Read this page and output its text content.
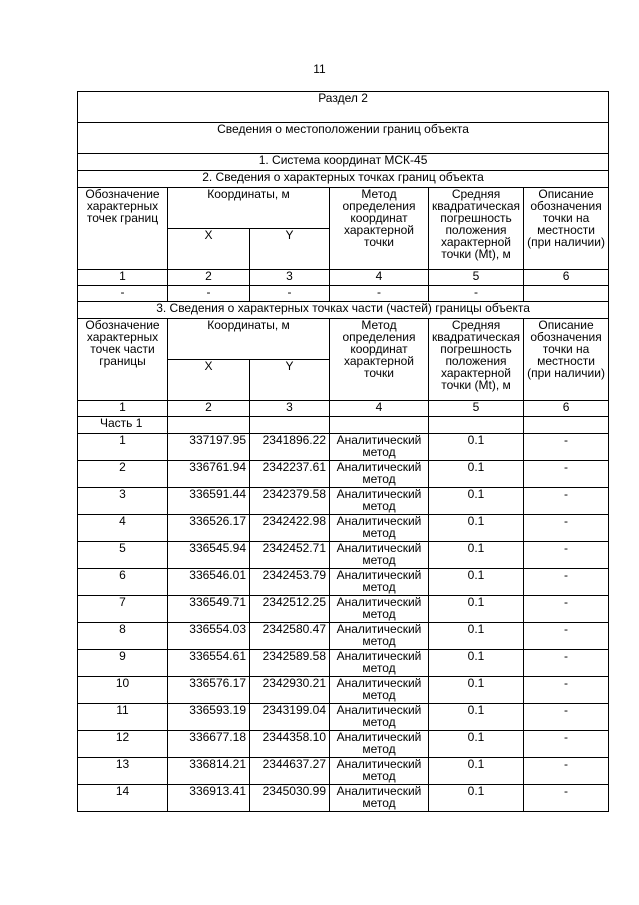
11
Раздел 2					
Сведения о местоположении границ объекта					
1. Система координат МСК-45					
2. Сведения о характерных точках границ объекта					
Обозначение характерных точек границ	Координаты, м		Метод определения координат характерной точки	Средняя квадратическая погрешность положения характерной точки (Mt), м	Описание обозначения точки на местности (при наличии)
	X	Y			
1	2	3	4	5	6
-	-	-	-	-	
3. Сведения о характерных точках части (частей) границы объекта					
Обозначение характерных точек части границы	Координаты, м		Метод определения координат характерной точки	Средняя квадратическая погрешность положения характерной точки (Mt), м	Описание обозначения точки на местности (при наличии)
	X	Y			
1	2	3	4	5	6
Часть 1					
1	337197.95	2341896.22	Аналитический метод	0.1	-
2	336761.94	2342237.61	Аналитический метод	0.1	-
3	336591.44	2342379.58	Аналитический метод	0.1	-
4	336526.17	2342422.98	Аналитический метод	0.1	-
5	336545.94	2342452.71	Аналитический метод	0.1	-
6	336546.01	2342453.79	Аналитический метод	0.1	-
7	336549.71	2342512.25	Аналитический метод	0.1	-
8	336554.03	2342580.47	Аналитический метод	0.1	-
9	336554.61	2342589.58	Аналитический метод	0.1	-
10	336576.17	2342930.21	Аналитический метод	0.1	-
11	336593.19	2343199.04	Аналитический метод	0.1	-
12	336677.18	2344358.10	Аналитический метод	0.1	-
13	336814.21	2344637.27	Аналитический метод	0.1	-
14	336913.41	2345030.99	Аналитический метод	0.1	-
